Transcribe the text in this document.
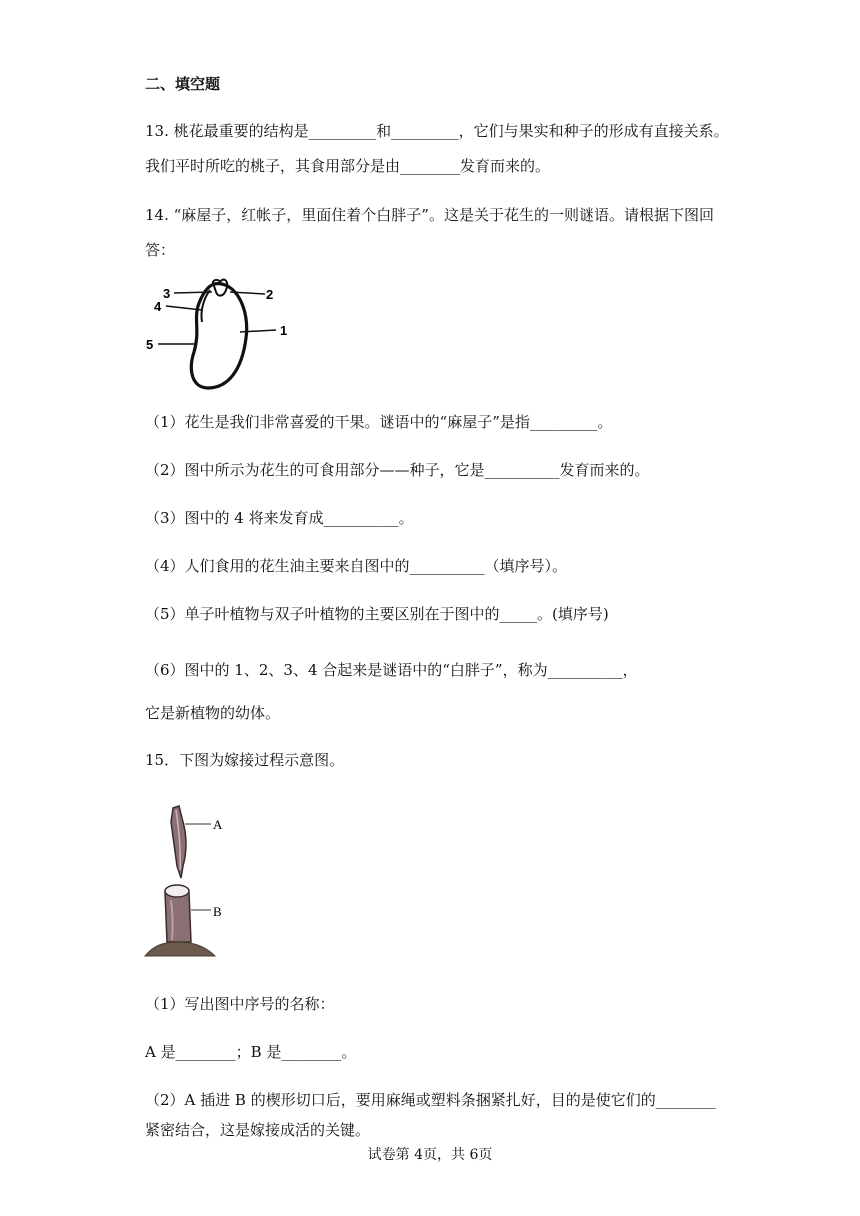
二、填空题
13. 桃花最重要的结构是_________和_________，它们与果实和种子的形成有直接关系。
我们平时所吃的桃子，其食用部分是由________发育而来的。
14. “麻屋子，红帐子，里面住着个白胖子”。这是关于花生的一则谜语。请根据下图回
答：
3	2
4
1
5
（1）花生是我们非常喜爱的干果。谜语中的“麻屋子”是指_________。
（2）图中所示为花生的可食用部分——种子，它是__________发育而来的。
（3）图中的 4 将来发育成__________。
（4）人们食用的花生油主要来自图中的__________（填序号）。
（5）单子叶植物与双子叶植物的主要区别在于图中的_____。(填序号)
（6）图中的 1、2、3、4 合起来是谜语中的“白胖子”，称为__________，
它是新植物的幼体。
15．下图为嫁接过程示意图。
A
B
（1）写出图中序号的名称：
A 是________；B 是________。
（2）A 插进 B 的楔形切口后，要用麻绳或塑料条捆紧扎好，目的是使它们的________
紧密结合，这是嫁接成活的关键。
试卷第 4页，共 6页
